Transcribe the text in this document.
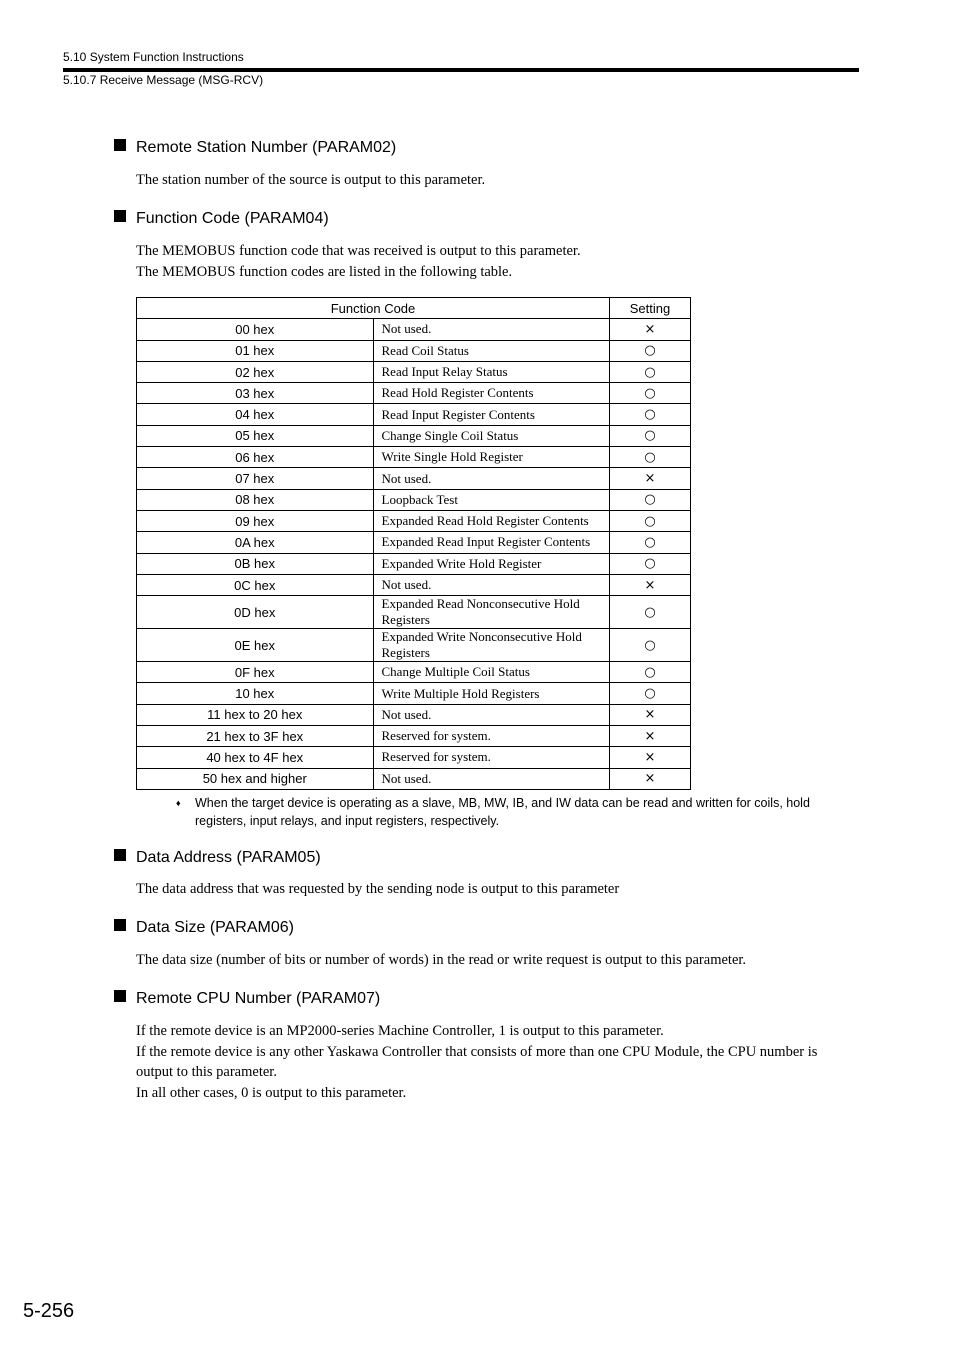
5.10 System Function Instructions
5.10.7 Receive Message (MSG-RCV)
Remote Station Number (PARAM02)
The station number of the source is output to this parameter.
Function Code (PARAM04)
The MEMOBUS function code that was received is output to this parameter.
The MEMOBUS function codes are listed in the following table.
Function Code		Setting
00 hex	Not used.	×
01 hex	Read Coil Status	○
02 hex	Read Input Relay Status	○
03 hex	Read Hold Register Contents	○
04 hex	Read Input Register Contents	○
05 hex	Change Single Coil Status	○
06 hex	Write Single Hold Register	○
07 hex	Not used.	×
08 hex	Loopback Test	○
09 hex	Expanded Read Hold Register Contents	○
0A hex	Expanded Read Input Register Contents	○
0B hex	Expanded Write Hold Register	○
0C hex	Not used.	×
0D hex	Expanded Read Nonconsecutive Hold Registers	○
0E hex	Expanded Write Nonconsecutive Hold Registers	○
0F hex	Change Multiple Coil Status	○
10 hex	Write Multiple Hold Registers	○
11 hex to 20 hex	Not used.	×
21 hex to 3F hex	Reserved for system.	×
40 hex to 4F hex	Reserved for system.	×
50 hex and higher	Not used.	×
♦ When the target device is operating as a slave, MB, MW, IB, and IW data can be read and written for coils, hold registers, input relays, and input registers, respectively.
Data Address (PARAM05)
The data address that was requested by the sending node is output to this parameter
Data Size (PARAM06)
The data size (number of bits or number of words) in the read or write request is output to this parameter.
Remote CPU Number (PARAM07)
If the remote device is an MP2000-series Machine Controller, 1 is output to this parameter.
If the remote device is any other Yaskawa Controller that consists of more than one CPU Module, the CPU number is output to this parameter.
In all other cases, 0 is output to this parameter.
5-256
